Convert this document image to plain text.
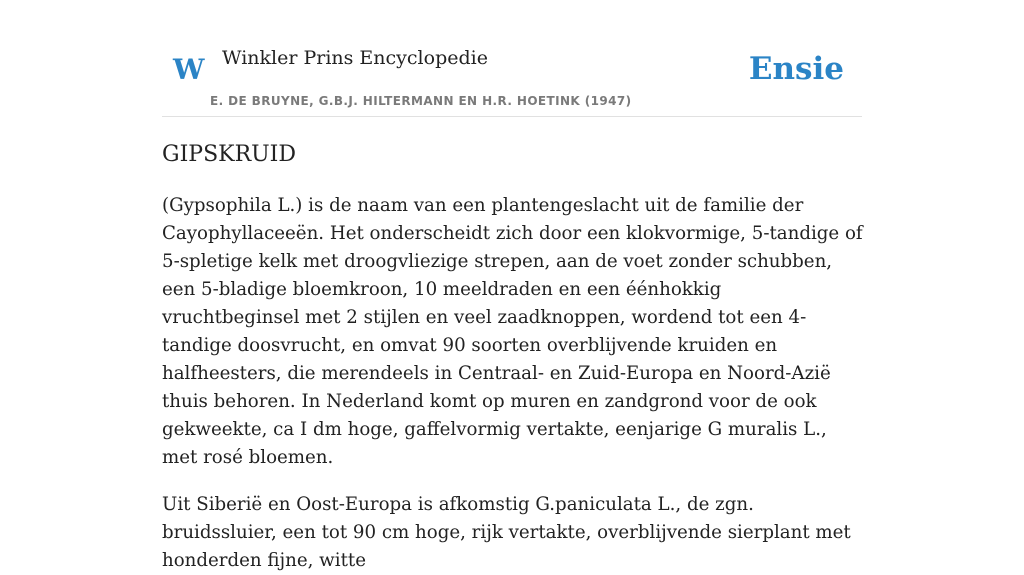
W Winkler Prins Encyclopedie
E. DE BRUYNE, G.B.J. HILTERMANN EN H.R. HOETINK (1947)
Ensie
GIPSKRUID

(Gypsophila L.) is de naam van een plantengeslacht uit de familie der Cayophyllaceeën. Het onderscheidt zich door een klokvormige, 5-tandige of 5-spletige kelk met droogvliezige strepen, aan de voet zonder schubben, een 5-bladige bloemkroon, 10 meeldraden en een éénhokkig vruchtbeginsel met 2 stijlen en veel zaadknoppen, wordend tot een 4-tandige doosvrucht, en omvat 90 soorten overblijvende kruiden en halfheesters, die merendeels in Centraal- en Zuid-Europa en Noord-Azië thuis behoren. In Nederland komt op muren en zandgrond voor de ook gekweekte, ca I dm hoge, gaffelvormig vertakte, eenjarige G muralis L., met rosé bloemen.

Uit Siberië en Oost-Europa is afkomstig G.paniculata L., de zgn. bruidssluier, een tot 90 cm hoge, rijk vertakte, overblijvende sierplant met honderden fijne, witte
